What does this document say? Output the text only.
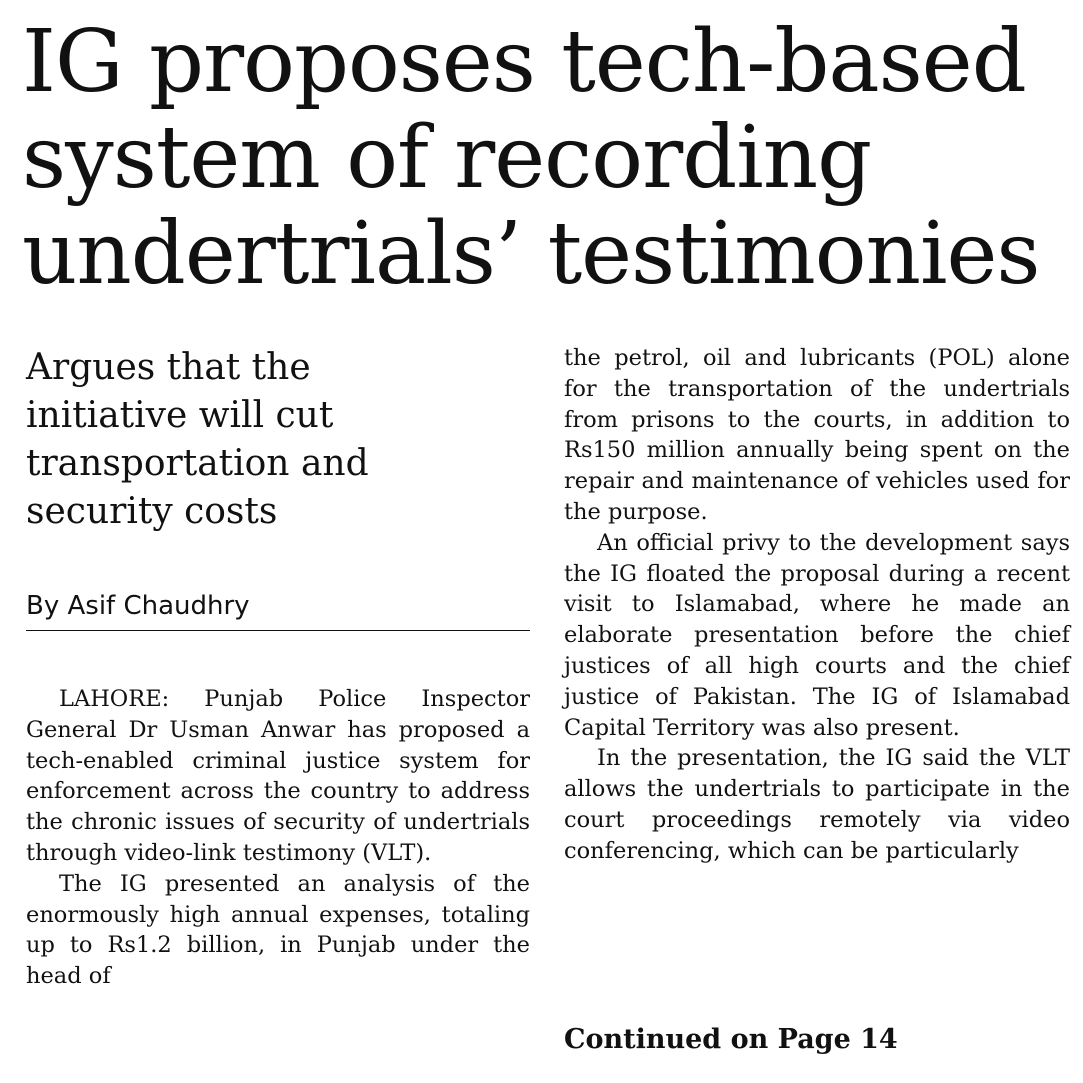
IG proposes tech-based
system of recording
undertrials’ testimonies
Argues that the
initiative will cut
transportation and
security costs
By Asif Chaudhry

LAHORE: Punjab Police Inspector General Dr Usman Anwar has proposed a tech-enabled criminal justice system for enforcement across the country to address the chronic issues of security of undertrials through video-link testimony (VLT).

The IG presented an analysis of the enormously high annual expenses, totaling up to Rs1.2 billion, in Punjab under the head of

the petrol, oil and lubricants (POL) alone for the transportation of the undertrials from prisons to the courts, in addition to Rs150 million annually being spent on the repair and maintenance of vehicles used for the purpose.

An official privy to the development says the IG floated the proposal during a recent visit to Islamabad, where he made an elaborate presentation before the chief justices of all high courts and the chief justice of Pakistan. The IG of Islamabad Capital Territory was also present.

In the presentation, the IG said the VLT allows the undertrials to participate in the court proceedings remotely via video conferencing, which can be particularly

Continued on Page 14
